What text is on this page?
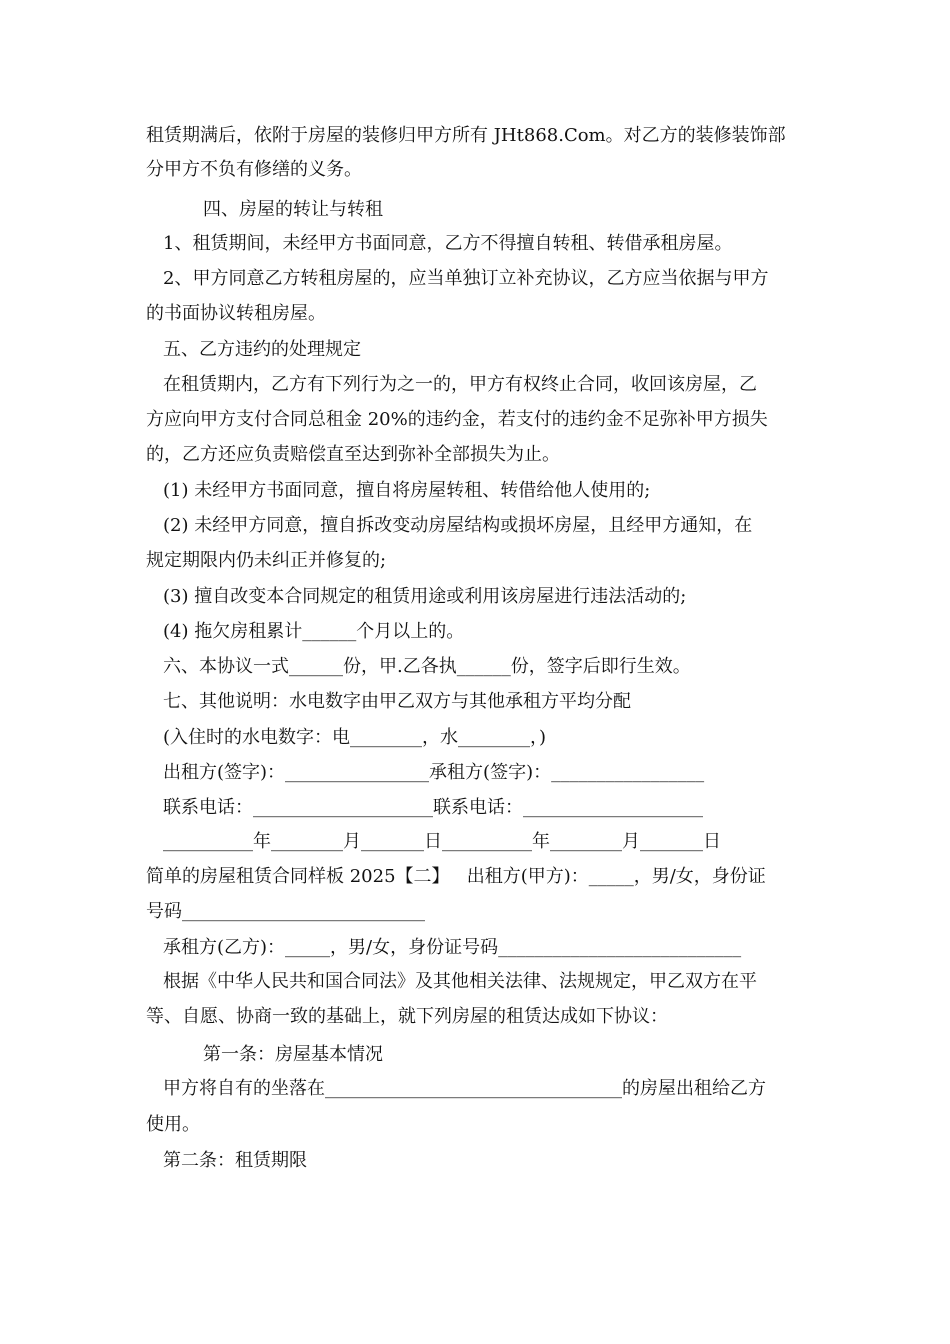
租赁期满后，依附于房屋的装修归甲方所有 JHt868.Com。对乙方的装修装饰部
分甲方不负有修缮的义务。
四、房屋的转让与转租
1、租赁期间，未经甲方书面同意，乙方不得擅自转租、转借承租房屋。
2、甲方同意乙方转租房屋的，应当单独订立补充协议，乙方应当依据与甲方
的书面协议转租房屋。
五、乙方违约的处理规定
在租赁期内，乙方有下列行为之一的，甲方有权终止合同，收回该房屋，乙
方应向甲方支付合同总租金 20%的违约金，若支付的违约金不足弥补甲方损失
的，乙方还应负责赔偿直至达到弥补全部损失为止。
(1) 未经甲方书面同意，擅自将房屋转租、转借给他人使用的;
(2) 未经甲方同意，擅自拆改变动房屋结构或损坏房屋，且经甲方通知，在
规定期限内仍未纠正并修复的;
(3) 擅自改变本合同规定的租赁用途或利用该房屋进行违法活动的;
(4) 拖欠房租累计______个月以上的。
六、本协议一式______份，甲.乙各执______份，签字后即行生效。
七、其他说明：水电数字由甲乙双方与其他承租方平均分配
(入住时的水电数字：电________，水________，)
出租方(签字)：________________承租方(签字)：_________________
联系电话：____________________联系电话：____________________
__________年________月_______日__________年________月_______日
简单的房屋租赁合同样板 2025【二】   出租方(甲方)：_____，男/女，身份证
号码___________________________
承租方(乙方)：_____，男/女，身份证号码___________________________
根据《中华人民共和国合同法》及其他相关法律、法规规定，甲乙双方在平
等、自愿、协商一致的基础上，就下列房屋的租赁达成如下协议：
第一条：房屋基本情况
甲方将自有的坐落在_________________________________的房屋出租给乙方
使用。
第二条：租赁期限
